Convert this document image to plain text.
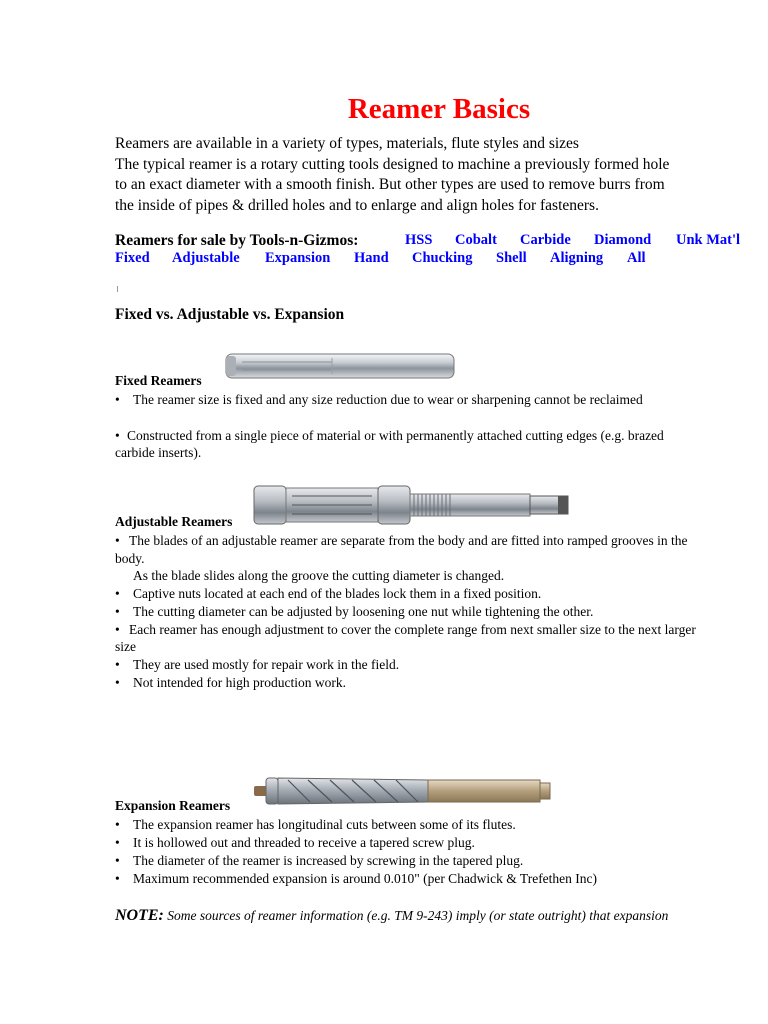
Reamer Basics
Reamers are available in a variety of types, materials, flute styles and sizes
The typical reamer is a rotary cutting tools designed to machine a previously formed hole
to an exact diameter with a smooth finish. But other types are used to remove burrs from
the inside of pipes & drilled holes and to enlarge and align holes for fasteners.
Reamers for sale by Tools-n-Gizmos:	HSS Cobalt Carbide Diamond Unk Mat'l
Fixed Adjustable Expansion Hand Chucking Shell Aligning All
Fixed vs. Adjustable vs. Expansion
Fixed Reamers
• The reamer size is fixed and any size reduction due to wear or sharpening cannot be reclaimed
• Constructed from a single piece of material or with permanently attached cutting edges (e.g. brazed
carbide inserts).
Adjustable Reamers
• The blades of an adjustable reamer are separate from the body and are fitted into ramped grooves in the
body.
As the blade slides along the groove the cutting diameter is changed.
• Captive nuts located at each end of the blades lock them in a fixed position.
• The cutting diameter can be adjusted by loosening one nut while tightening the other.
• Each reamer has enough adjustment to cover the complete range from next smaller size to the next larger
size
• They are used mostly for repair work in the field.
• Not intended for high production work.
Expansion Reamers
• The expansion reamer has longitudinal cuts between some of its flutes.
• It is hollowed out and threaded to receive a tapered screw plug.
• The diameter of the reamer is increased by screwing in the tapered plug.
• Maximum recommended expansion is around 0.010" (per Chadwick & Trefethen Inc)
NOTE: Some sources of reamer information (e.g. TM 9-243) imply (or state outright) that expansion
